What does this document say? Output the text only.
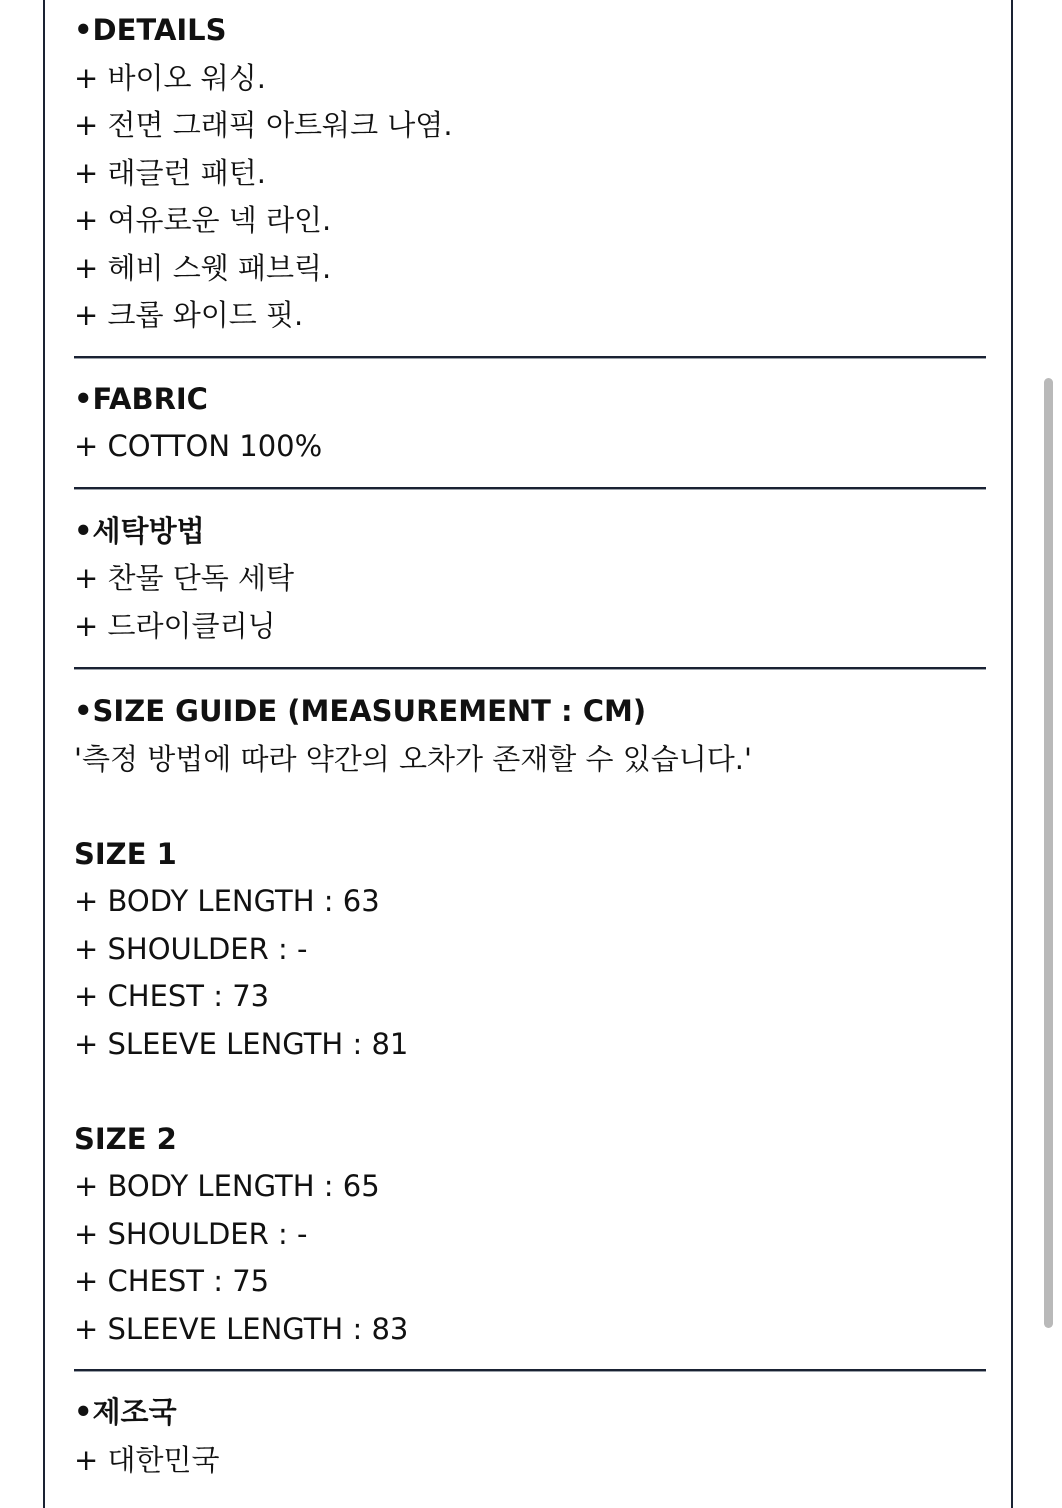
•DETAILS
+ 바이오 워싱.
+ 전면 그래픽 아트워크 나염.
+ 래글런 패턴.
+ 여유로운 넥 라인.
+ 헤비 스웻 패브릭.
+ 크롭 와이드 핏.
•FABRIC
+ COTTON 100%
•세탁방법
+ 찬물 단독 세탁
+ 드라이클리닝
•SIZE GUIDE (MEASUREMENT : CM)
'측정 방법에 따라 약간의 오차가 존재할 수 있습니다.'
SIZE 1
+ BODY LENGTH : 63
+ SHOULDER : -
+ CHEST : 73
+ SLEEVE LENGTH : 81
SIZE 2
+ BODY LENGTH : 65
+ SHOULDER : -
+ CHEST : 75
+ SLEEVE LENGTH : 83
•제조국
+ 대한민국
